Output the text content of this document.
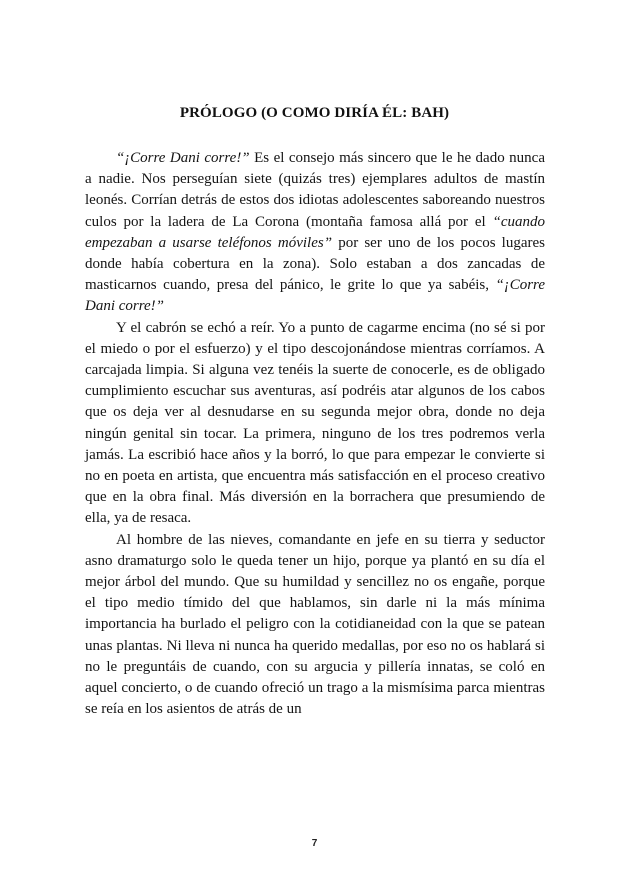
PRÓLOGO (O COMO DIRÍA ÉL: BAH)

“¡Corre Dani corre!” Es el consejo más sincero que le he dado nunca a nadie. Nos perseguían siete (quizás tres) ejemplares adultos de mastín leonés. Corrían detrás de estos dos idiotas adolescentes saboreando nuestros culos por la ladera de La Corona (montaña famosa allá por el “cuando empezaban a usarse teléfonos móviles” por ser uno de los pocos lugares donde había cobertura en la zona). Solo estaban a dos zancadas de masticarnos cuando, presa del pánico, le grite lo que ya sabéis, “¡Corre Dani corre!”

Y el cabrón se echó a reír. Yo a punto de cagarme encima (no sé si por el miedo o por el esfuerzo) y el tipo descojonándose mientras corríamos. A carcajada limpia. Si alguna vez tenéis la suerte de conocerle, es de obligado cumplimiento escuchar sus aventuras, así podréis atar algunos de los cabos que os deja ver al desnudarse en su segunda mejor obra, donde no deja ningún genital sin tocar. La primera, ninguno de los tres podremos verla jamás. La escribió hace años y la borró, lo que para empezar le convierte si no en poeta en artista, que encuentra más satisfacción en el proceso creativo que en la obra final. Más diversión en la borrachera que presumiendo de ella, ya de resaca.

Al hombre de las nieves, comandante en jefe en su tierra y seductor asno dramaturgo solo le queda tener un hijo, porque ya plantó en su día el mejor árbol del mundo. Que su humildad y sencillez no os engañe, porque el tipo medio tímido del que hablamos, sin darle ni la más mínima importancia ha burlado el peligro con la cotidianeidad con la que se patean unas plantas. Ni lleva ni nunca ha querido medallas, por eso no os hablará si no le preguntáis de cuando, con su argucia y pillería innatas, se coló en aquel concierto, o de cuando ofreció un trago a la mismísima parca mientras se reía en los asientos de atrás de un

7
